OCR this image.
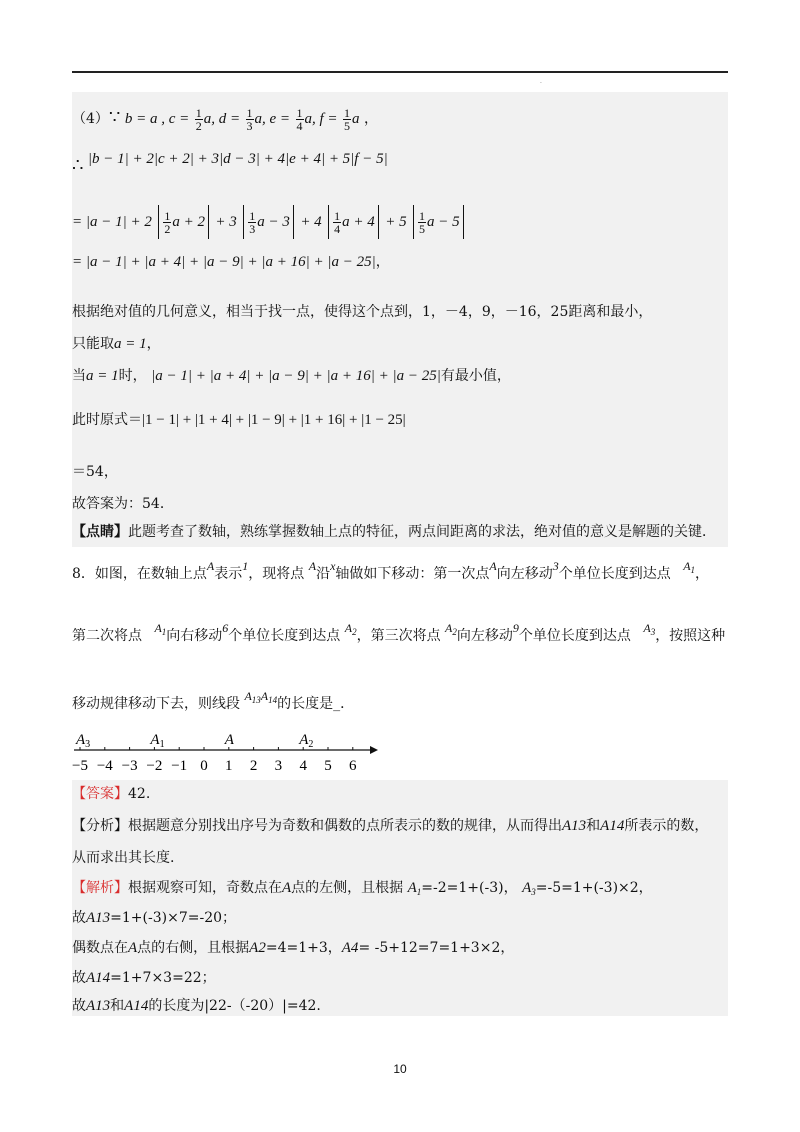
·
（4）∵ b = a , $c = \frac{1}{2} a$, $d = \frac{1}{3} a$, $e = \frac{1}{4} a$, $f = \frac{1}{5}$ a ，
∴ |b − 1| + 2|c + 2| + 3|d − 3| + 4|e + 4| + 5|f − 5|
= $|a - 1| + 2 \frac{1}{2}$ $a + 2 + 3 \frac{1}{3}$ $a - 3 + 4 \frac{1}{4}$ $a + 4 + 5 \frac{1}{5}$ a − 5
= |a − 1| + |a + 4| + |a − 9| + |a + 16| + |a − 25|，
根据绝对值的几何意义，相当于找一点，使得这个点到，1，－4，9，－16，25距离和最小，
只能取a = 1，
当a = 1时， |a − 1| + |a + 4| + |a − 9| + |a + 16| + |a − 25|有最小值，
此时原式＝|1 − 1| + |1 + 4| + |1 − 9| + |1 + 16| + |1 − 25|
＝54，
故答案为：54．
【点睛】此题考查了数轴，熟练掌握数轴上点的特征，两点间距离的求法，绝对值的意义是解题的关键．
8．如图，在数轴上点A表示1，现将点 A沿x轴做如下移动：第一次点A向左移动3个单位长度到达点 $A_1$，
第二次将点 $A_1$向右移动6个单位长度到达点 $A_2$，第三次将点 $A_2$向左移动9个单位长度到达点 $A_3$，按照这种
移动规律移动下去，则线段 $A_{13}A_{14}$的长度是_．
−5 −4 −3 −2 −1 0 1 2 3 4 5 6
$A_3$	$A_1$	A	$A_2$
【答案】42.
【分析】根据题意分别找出序号为奇数和偶数的点所表示的数的规律，从而得出A13和A14所表示的数，
从而求出其长度.
【解析】根据观察可知，奇数点在A点的左侧，且根据 $A_1=-2=1+(-3)$， $A_3=-5=1+(-3)\times 2$，
故A13=1+(-3)×7=-20；
偶数点在A点的右侧，且根据A2=4=1+3，A4= -5+12=7=1+3×2，
故A14=1+7×3=22；
故A13和A14的长度为|22-（-20）|=42.
10
